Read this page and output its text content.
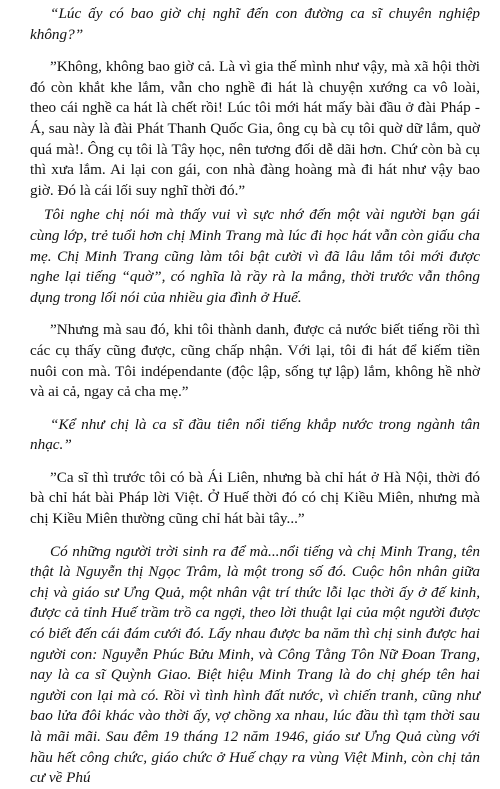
“Lúc ấy có bao giờ chị nghĩ đến con đường ca sĩ chuyên nghiệp không?”

”Không, không bao giờ cả. Là vì gia thế mình như vậy, mà xã hội thời đó còn khắt khe lắm, vẫn cho nghề đi hát là chuyện xướng ca vô loài, theo cái nghề ca hát là chết rồi! Lúc tôi mới hát mấy bài đầu ở đài Pháp - Á, sau này là đài Phát Thanh Quốc Gia, ông cụ bà cụ tôi quờ dữ lắm, quờ quá mà!. Ông cụ tôi là Tây học, nên tương đối dễ dãi hơn. Chứ còn bà cụ thì xưa lắm. Ai lại con gái, con nhà đàng hoàng mà đi hát như vậy bao giờ. Đó là cái lối suy nghĩ thời đó.”

Tôi nghe chị nói mà thấy vui vì sực nhớ đến một vài người bạn gái cùng lớp, trẻ tuổi hơn chị Minh Trang mà lúc đi học hát vẫn còn giấu cha mẹ. Chị Minh Trang cũng làm tôi bật cười vì đã lâu lắm tôi mới được nghe lại tiếng “quờ”, có nghĩa là rầy rà la mắng, thời trước vẫn thông dụng trong lối nói của nhiều gia đình ở Huế.

”Nhưng mà sau đó, khi tôi thành danh, được cả nước biết tiếng rồi thì các cụ thấy cũng được, cũng chấp nhận. Với lại, tôi đi hát để kiếm tiền nuôi con mà. Tôi indépendante (độc lập, sống tự lập) lắm, không hề nhờ và ai cả, ngay cả cha mẹ.”

“Kể như chị là ca sĩ đầu tiên nổi tiếng khắp nước trong ngành tân nhạc.”

”Ca sĩ thì trước tôi có bà Ái Liên, nhưng bà chỉ hát ở Hà Nội, thời đó bà chỉ hát bài Pháp lời Việt. Ở Huế thời đó có chị Kiều Miên, nhưng mà chị Kiều Miên thường cũng chỉ hát bài tây...”

Có những người trời sinh ra để mà...nổi tiếng và chị Minh Trang, tên thật là Nguyễn thị Ngọc Trâm, là một trong số đó. Cuộc hôn nhân giữa chị và giáo sư Ưng Quả, một nhân vật trí thức lỗi lạc thời ấy ở đế kinh, được cả tỉnh Huế trầm trồ ca ngợi, theo lời thuật lại của một người được có biết đến cái đám cưới đó. Lấy nhau được ba năm thì chị sinh được hai người con: Nguyễn Phúc Bửu Minh, và Công Tằng Tôn Nữ Đoan Trang, nay là ca sĩ Quỳnh Giao. Biệt hiệu Minh Trang là do chị ghép tên hai người con lại mà có. Rồi vì tình hình đất nước, vì chiến tranh, cũng như bao lửa đôi khác vào thời ấy, vợ chồng xa nhau, lúc đầu thì tạm thời sau là mãi mãi. Sau đêm 19 tháng 12 năm 1946, giáo sư Ưng Quả cùng với hầu hết công chức, giáo chức ở Huế chạy ra vùng Việt Minh, còn chị tản cư về Phú
